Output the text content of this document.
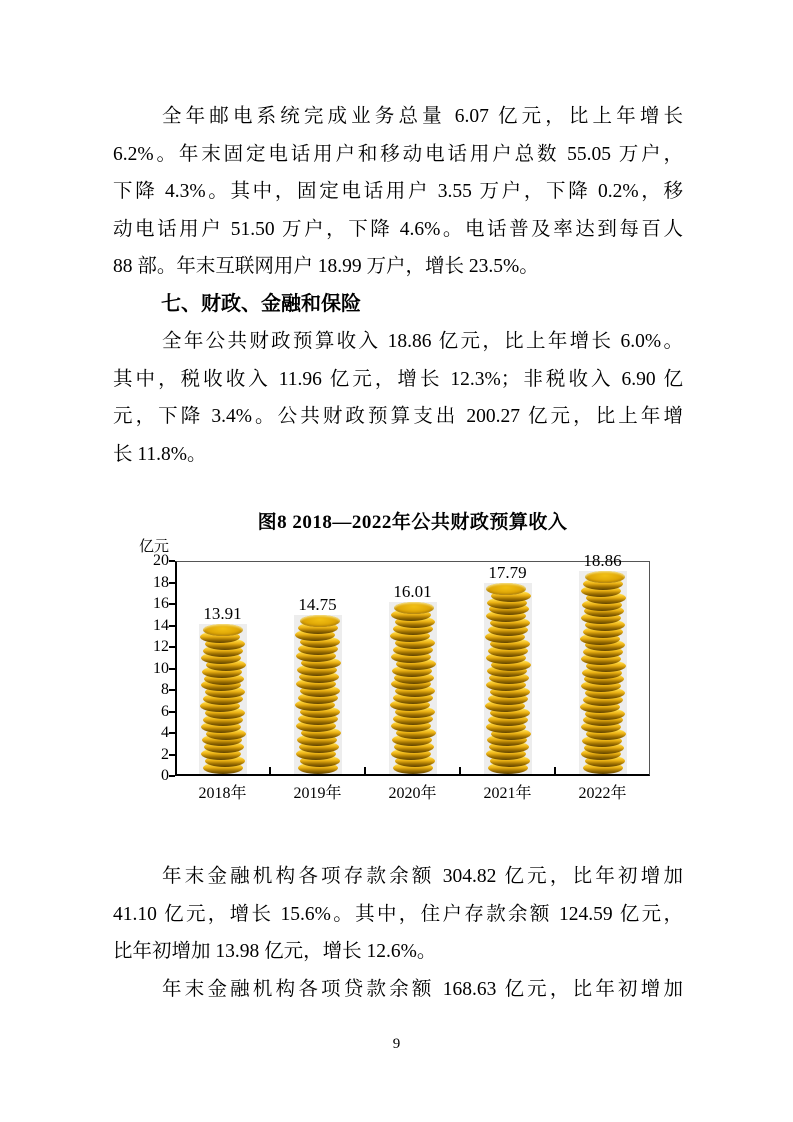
全年邮电系统完成业务总量 6.07 亿元，比上年增长
6.2%。年末固定电话用户和移动电话用户总数 55.05 万户，
下降 4.3%。其中，固定电话用户 3.55 万户，下降 0.2%，移
动电话用户 51.50 万户，下降 4.6%。电话普及率达到每百人
88 部。年末互联网用户 18.99 万户，增长 23.5%。
七、财政、金融和保险
全年公共财政预算收入 18.86 亿元，比上年增长 6.0%。
其中，税收收入 11.96 亿元，增长 12.3%；非税收入 6.90 亿
元，下降 3.4%。公共财政预算支出 200.27 亿元，比上年增
长 11.8%。
图8 2018—2022年公共财政预算收入
亿元
0
2
4
6
8
10
12
14
16
18
20
2018年	2019年	2020年	2021年	2022年
13.91	14.75
16.01
17.79
18.86
年末金融机构各项存款余额 304.82 亿元，比年初增加
41.10 亿元，增长 15.6%。其中，住户存款余额 124.59 亿元，
比年初增加 13.98 亿元，增长 12.6%。
年末金融机构各项贷款余额 168.63 亿元，比年初增加
9
